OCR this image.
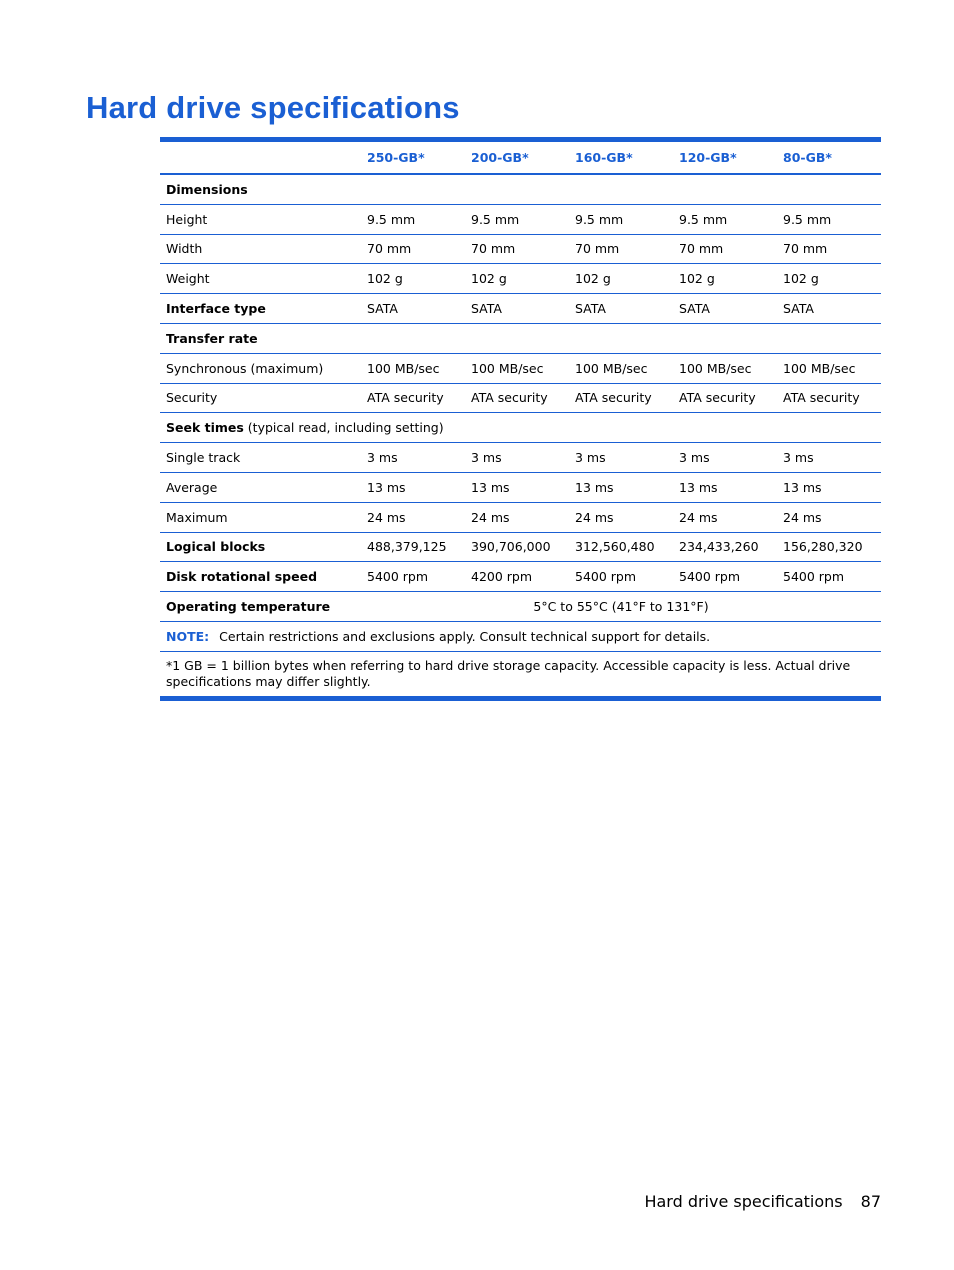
Hard drive specifications
	250-GB*	200-GB*	160-GB*	120-GB*	80-GB*
Dimensions					
Height	9.5 mm	9.5 mm	9.5 mm	9.5 mm	9.5 mm
Width	70 mm	70 mm	70 mm	70 mm	70 mm
Weight	102 g	102 g	102 g	102 g	102 g
Interface type	SATA	SATA	SATA	SATA	SATA
Transfer rate					
Synchronous (maximum)	100 MB/sec	100 MB/sec	100 MB/sec	100 MB/sec	100 MB/sec
Security	ATA security	ATA security	ATA security	ATA security	ATA security
Seek times (typical read, including setting)					
Single track	3 ms	3 ms	3 ms	3 ms	3 ms
Average	13 ms	13 ms	13 ms	13 ms	13 ms
Maximum	24 ms	24 ms	24 ms	24 ms	24 ms
Logical blocks	488,379,125	390,706,000	312,560,480	234,433,260	156,280,320
Disk rotational speed	5400 rpm	4200 rpm	5400 rpm	5400 rpm	5400 rpm
Operating temperature	5°C to 55°C (41°F to 131°F)				
NOTE: Certain restrictions and exclusions apply. Consult technical support for details.					
*1 GB = 1 billion bytes when referring to hard drive storage capacity. Accessible capacity is less. Actual drive specifications may differ slightly.					
Hard drive specifications 87
